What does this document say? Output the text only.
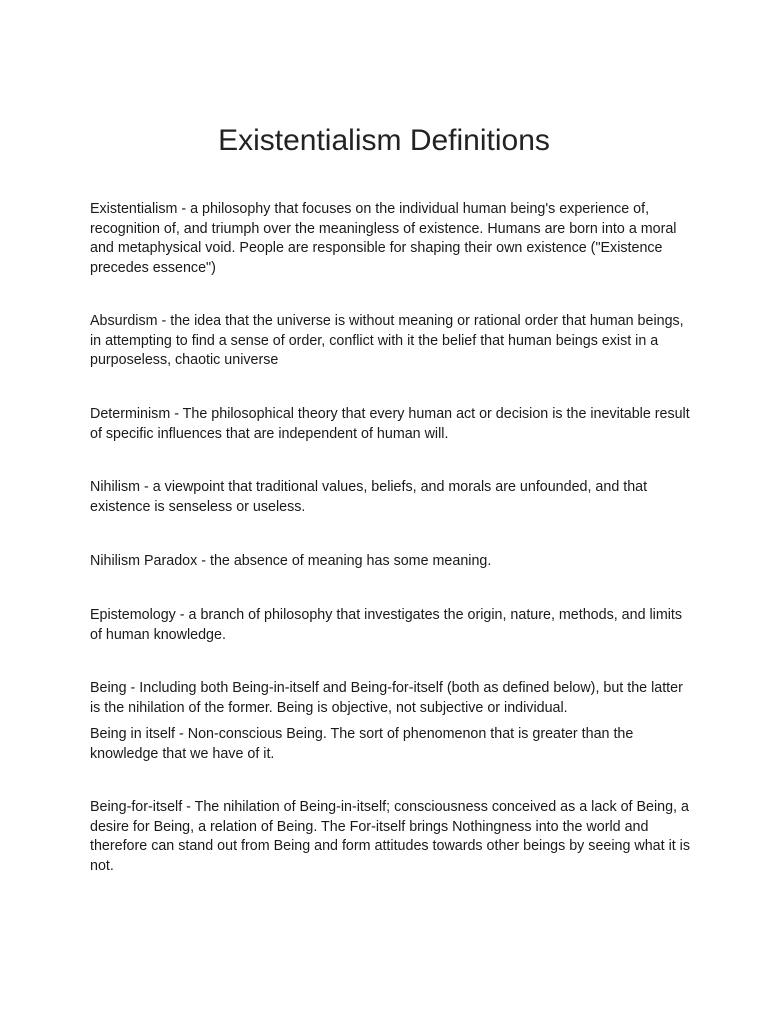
Existentialism Definitions

Existentialism - a philosophy that focuses on the individual human being's experience of, recognition of, and triumph over the meaningless of existence. Humans are born into a moral and metaphysical void. People are responsible for shaping their own existence ("Existence precedes essence")

Absurdism - the idea that the universe is without meaning or rational order that human beings, in attempting to find a sense of order, conflict with it the belief that human beings exist in a purposeless, chaotic universe

Determinism - The philosophical theory that every human act or decision is the inevitable result of specific influences that are independent of human will.

Nihilism - a viewpoint that traditional values, beliefs, and morals are unfounded, and that existence is senseless or useless.

Nihilism Paradox - the absence of meaning has some meaning.

Epistemology - a branch of philosophy that investigates the origin, nature, methods, and limits of human knowledge.

Being - Including both Being-in-itself and Being-for-itself (both as defined below), but the latter is the nihilation of the former. Being is objective, not subjective or individual.

Being in itself - Non-conscious Being. The sort of phenomenon that is greater than the knowledge that we have of it.

Being-for-itself - The nihilation of Being-in-itself; consciousness conceived as a lack of Being, a desire for Being, a relation of Being. The For-itself brings Nothingness into the world and therefore can stand out from Being and form attitudes towards other beings by seeing what it is not.
